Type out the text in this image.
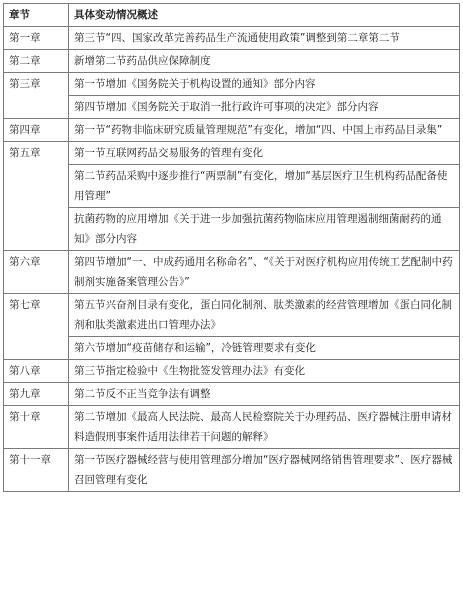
章节	具体变动情况概述
第一章	第三节“四、国家改革完善药品生产流通使用政策”调整到第二章第二节
第二章	新增第二节药品供应保障制度
第三章	第一节增加《国务院关于机构设置的通知》部分内容
	第四节增加《国务院关于取消一批行政许可事项的决定》部分内容
第四章	第一节“药物非临床研究质量管理规范”有变化，增加“四、中国上市药品目录集”
第五章	第一节互联网药品交易服务的管理有变化
	第二节药品采购中逐步推行“两票制”有变化，增加“基层医疗卫生机构药品配备使用管理”
	抗菌药物的应用增加《关于进一步加强抗菌药物临床应用管理遏制细菌耐药的通知》部分内容
第六章	第四节增加“一、中成药通用名称命名”、“《关于对医疗机构应用传统工艺配制中药制剂实施备案管理公告》”
第七章	第五节兴奋剂目录有变化，蛋白同化制剂、肽类激素的经营管理增加《蛋白同化制剂和肽类激素进出口管理办法》
	第六节增加“疫苗储存和运输”，冷链管理要求有变化
第八章	第三节指定检验中《生物批签发管理办法》有变化
第九章	第二节反不正当竞争法有调整
第十章	第二节增加《最高人民法院、最高人民检察院关于办理药品、医疗器械注册申请材料造假刑事案件适用法律若干问题的解释》
第十一章	第一节医疗器械经营与使用管理部分增加“医疗器械网络销售管理要求”、医疗器械召回管理有变化
